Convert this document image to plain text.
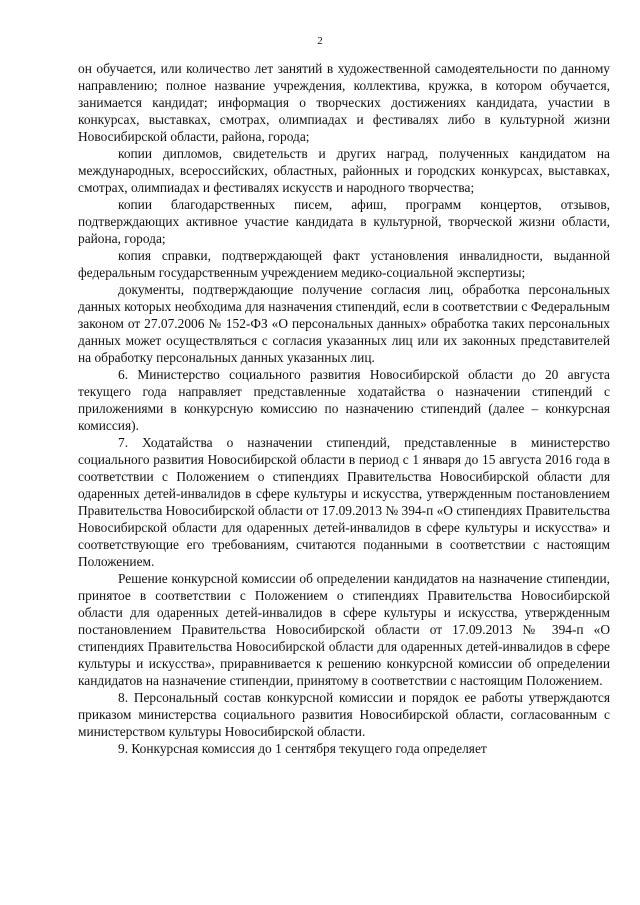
2

он обучается, или количество лет занятий в художественной самодеятельности по данному направлению; полное название учреждения, коллектива, кружка, в котором обучается, занимается кандидат; информация о творческих достижениях кандидата, участии в конкурсах, выставках, смотрах, олимпиадах и фестивалях либо в культурной жизни Новосибирской области, района, города;

копии дипломов, свидетельств и других наград, полученных кандидатом на международных, всероссийских, областных, районных и городских конкурсах, выставках, смотрах, олимпиадах и фестивалях искусств и народного творчества;

копии благодарственных писем, афиш, программ концертов, отзывов, подтверждающих активное участие кандидата в культурной, творческой жизни области, района, города;

копия справки, подтверждающей факт установления инвалидности, выданной федеральным государственным учреждением медико-социальной экспертизы;

документы, подтверждающие получение согласия лиц, обработка персональных данных которых необходима для назначения стипендий, если в соответствии с Федеральным законом от 27.07.2006 № 152-ФЗ «О персональных данных» обработка таких персональных данных может осуществляться с согласия указанных лиц или их законных представителей на обработку персональных данных указанных лиц.

6. Министерство социального развития Новосибирской области до 20 августа текущего года направляет представленные ходатайства о назначении стипендий с приложениями в конкурсную комиссию по назначению стипендий (далее – конкурсная комиссия).

7. Ходатайства о назначении стипендий, представленные в министерство социального развития Новосибирской области в период с 1 января до 15 августа 2016 года в соответствии с Положением о стипендиях Правительства Новосибирской области для одаренных детей-инвалидов в сфере культуры и искусства, утвержденным постановлением Правительства Новосибирской области от 17.09.2013 № 394-п «О стипендиях Правительства Новосибирской области для одаренных детей-инвалидов в сфере культуры и искусства» и соответствующие его требованиям, считаются поданными в соответствии с настоящим Положением.

Решение конкурсной комиссии об определении кандидатов на назначение стипендии, принятое в соответствии с Положением о стипендиях Правительства Новосибирской области для одаренных детей-инвалидов в сфере культуры и искусства, утвержденным постановлением Правительства Новосибирской области от 17.09.2013 № 394-п «О стипендиях Правительства Новосибирской области для одаренных детей-инвалидов в сфере культуры и искусства», приравнивается к решению конкурсной комиссии об определении кандидатов на назначение стипендии, принятому в соответствии с настоящим Положением.

8. Персональный состав конкурсной комиссии и порядок ее работы утверждаются приказом министерства социального развития Новосибирской области, согласованным с министерством культуры Новосибирской области.

9. Конкурсная комиссия до 1 сентября текущего года определяет
